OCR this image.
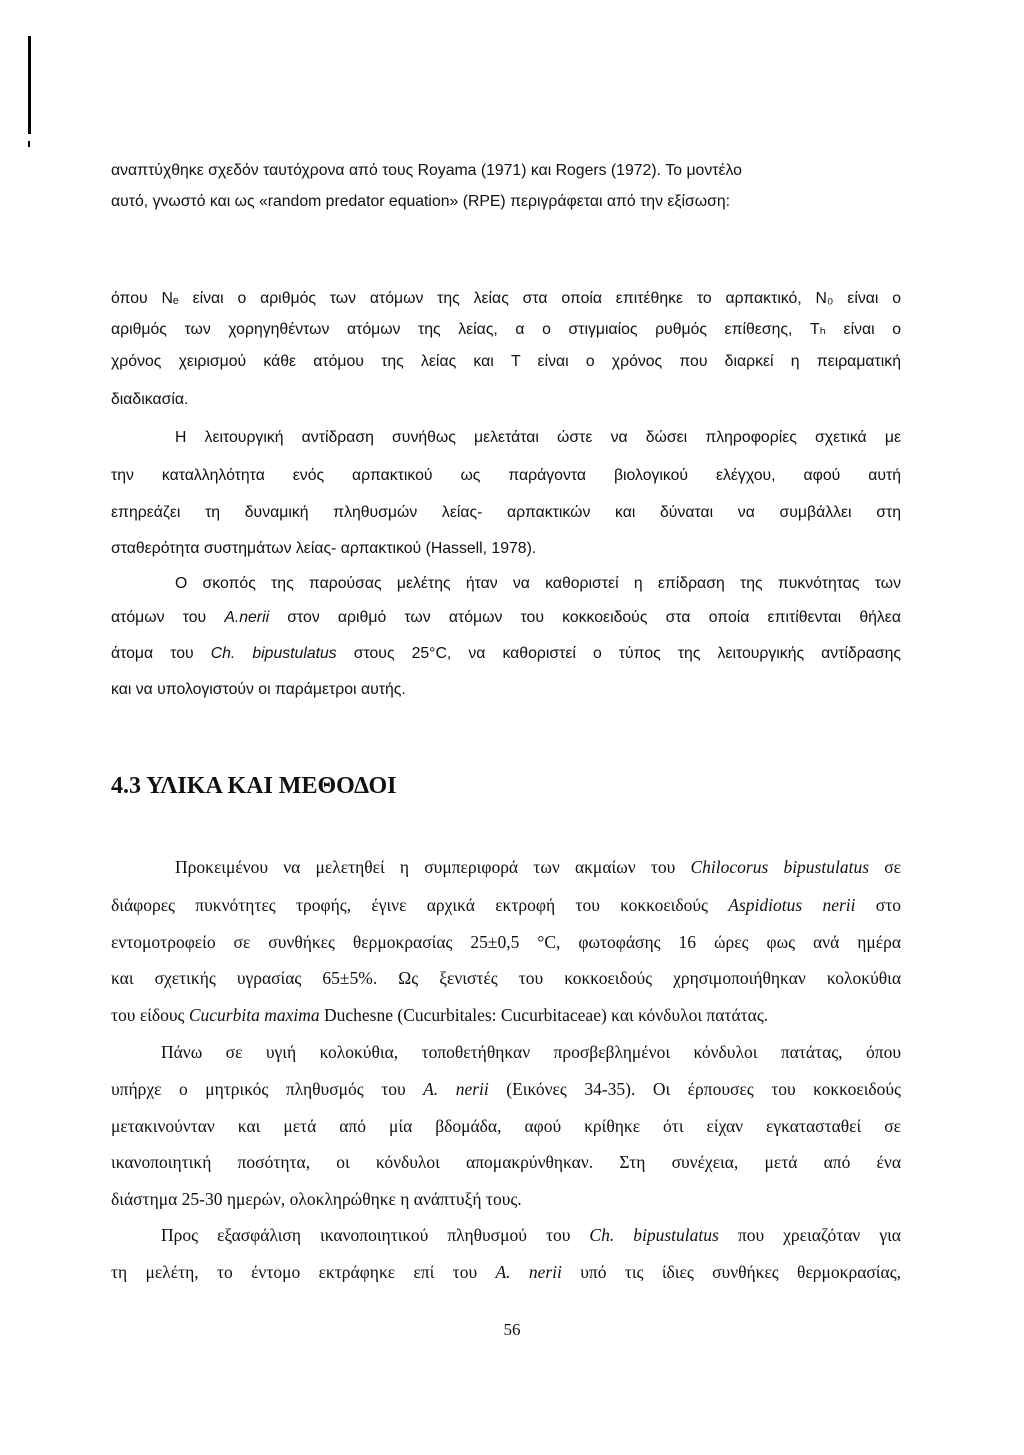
αναπτύχθηκε σχεδόν ταυτόχρονα από τους Royama (1971) και Rogers (1972). Το μοντέλο
αυτό, γνωστό και ως «random predator equation» (RPE) περιγράφεται από την εξίσωση:
όπου Nₑ είναι ο αριθμός των ατόμων της λείας στα οποία επιτέθηκε το αρπακτικό, N₀ είναι ο
αριθμός των χορηγηθέντων ατόμων της λείας, α ο στιγμιαίος ρυθμός επίθεσης, Tₕ είναι ο
χρόνος χειρισμού κάθε ατόμου της λείας και T είναι ο χρόνος που διαρκεί η πειραματική
διαδικασία.
Η λειτουργική αντίδραση συνήθως μελετάται ώστε να δώσει πληροφορίες σχετικά με
την καταλληλότητα ενός αρπακτικού ως παράγοντα βιολογικού ελέγχου, αφού αυτή
επηρεάζει τη δυναμική πληθυσμών λείας- αρπακτικών και δύναται να συμβάλλει στη
σταθερότητα συστημάτων λείας- αρπακτικού (Hassell, 1978).
Ο σκοπός της παρούσας μελέτης ήταν να καθοριστεί η επίδραση της πυκνότητας των
ατόμων του A.nerii στον αριθμό των ατόμων του κοκκοειδούς στα οποία επιτίθενται θήλεα
άτομα του Ch. bipustulatus στους 25°C, να καθοριστεί ο τύπος της λειτουργικής αντίδρασης
και να υπολογιστούν οι παράμετροι αυτής.
4.3 ΥΛΙΚΑ ΚΑΙ ΜΕΘΟΔΟΙ
Προκειμένου να μελετηθεί η συμπεριφορά των ακμαίων του Chilocorus bipustulatus σε
διάφορες πυκνότητες τροφής, έγινε αρχικά εκτροφή του κοκκοειδούς Aspidiotus nerii στο
εντομοτροφείο σε συνθήκες θερμοκρασίας 25±0,5 °C, φωτοφάσης 16 ώρες φως ανά ημέρα
και σχετικής υγρασίας 65±5%. Ως ξενιστές του κοκκοειδούς χρησιμοποιήθηκαν κολοκύθια
του είδους Cucurbita maxima Duchesne (Cucurbitales: Cucurbitaceae) και κόνδυλοι πατάτας.
Πάνω σε υγιή κολοκύθια, τοποθετήθηκαν προσβεβλημένοι κόνδυλοι πατάτας, όπου
υπήρχε ο μητρικός πληθυσμός του A. nerii (Εικόνες 34-35). Οι έρπουσες του κοκκοειδούς
μετακινούνταν και μετά από μία βδομάδα, αφού κρίθηκε ότι είχαν εγκατασταθεί σε
ικανοποιητική ποσότητα, οι κόνδυλοι απομακρύνθηκαν. Στη συνέχεια, μετά από ένα
διάστημα 25-30 ημερών, ολοκληρώθηκε η ανάπτυξή τους.
Προς εξασφάλιση ικανοποιητικού πληθυσμού του Ch. bipustulatus που χρειαζόταν για
τη μελέτη, το έντομο εκτράφηκε επί του A. nerii υπό τις ίδιες συνθήκες θερμοκρασίας,
56
